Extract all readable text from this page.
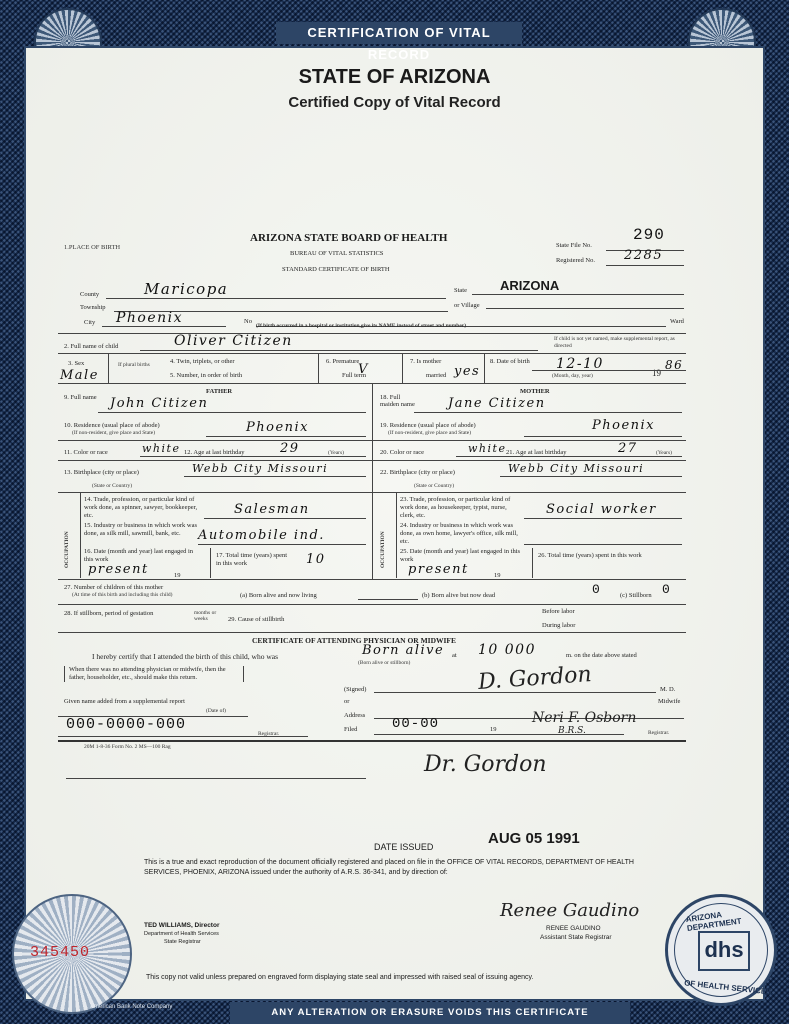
CERTIFICATION OF VITAL RECORD
STATE OF ARIZONA
Certified Copy of Vital Record
1.PLACE OF BIRTH
ARIZONA STATE BOARD OF HEALTH
BUREAU OF VITAL STATISTICS
STANDARD CERTIFICATE OF BIRTH
State File No.
290
Registered No. 2285
County	Maricopa	State	ARIZONA
Township	or Village
City Phoenix	No	Ward
(If birth occurred in a hospital or institution,give its NAME instead of street and number)
2. Full name of child	Oliver Citizen	If child is not yet named, make supplemental report, as directed
3. Sex
Male
If plural births	4. Twin, triplets, or other
5. Number, in order of birth
6. Premature
Full term
V
7. Is mother
married yes
8. Date of birth 12-10
19
86
(Month, day, year)
FATHER	MOTHER
9. Full name John Citizen	18. Full maiden name	Jane Citizen
10. Residence (usual place of abode)
(If non-resident, give place and State)	Phoenix	19. Residence (usual place of abode)
(If non-resident, give place and State)	Phoenix
11. Color or race	white 12. Age at last birthday	29	(Years)	20. Color or race	white 21. Age at last birthday	27	(Years)
13. Birthplace (city or place)	Webb City Missouri
(State or Country)
22. Birthplace (city or place)	Webb City Missouri
(State or Country)
OCCUPATION	OCCUPATION
14. Trade, profession, or particular kind of work done, as spinner, sawyer, bookkeeper, etc.	Salesman
15. Industry or business in which work was done, as silk mill, sawmill, bank, etc.	Automobile ind.
16. Date (month and year) last engaged in this work
present	19
17. Total time (years) spent in this work	10
23. Trade, profession, or particular kind of work done, as housekeeper, typist, nurse, clerk, etc.	Social worker
24. Industry or business in which work was done, as own home, lawyer's office, silk mill, etc.
25. Date (month and year) last engaged in this work
present	19
26. Total time (years) spent in this work
27. Number of children of this mother
(At time of this birth and including this child)	(a) Born alive and now living	(b) Born alive but now dead	0	(c) Stillborn 0
28. If stillborn, period of gestation	months or weeks	29. Cause of stillbirth
Before labor
During labor
CERTIFICATE OF ATTENDING PHYSICIAN OR MIDWIFE
I hereby certify that I attended the birth of this child, who was	Born alive
(Born alive or stillborn)
at 10 000	m. on the date above stated
When there was no attending physician or midwife, then the father, householder, etc., should make this return.
(Signed)	D. Gordon	M. D.
or	Midwife
Given name added from a supplemental report
(Date of)
000-0000-000
Registrar.
Address
Filed 00-00	19
Neri F. Osborn
B.R.S.	Registrar.
20M 1-8-36 Form No. 2 MS—100 Rag
Dr. Gordon
DATE ISSUED	AUG 05 1991
This is a true and exact reproduction of the document officially registered and placed on file in the OFFICE OF VITAL RECORDS, DEPARTMENT OF HEALTH SERVICES, PHOENIX, ARIZONA issued under the authority of A.R.S. 36-341, and by direction of:
TED WILLIAMS, Director
Department of Health Services
State Registrar
Renee Gaudino
RENEE GAUDINO
Assistant State Registrar
This copy not valid unless prepared on engraved form displaying state seal and impressed with raised seal of issuing agency.
345450
ARIZONA DEPARTMENT
dhs
OF HEALTH SERVICES
American Bank Note Company	ANY ALTERATION OR ERASURE VOIDS THIS CERTIFICATE
